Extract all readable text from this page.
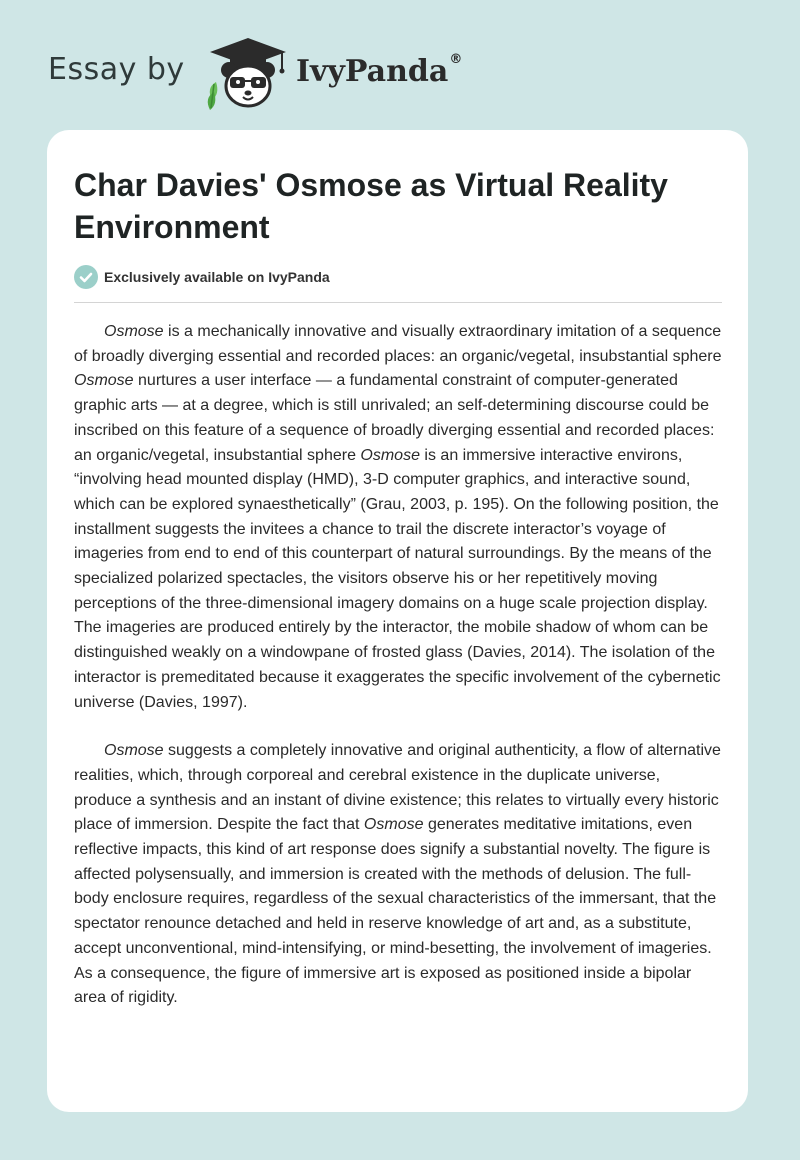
Essay by	IvyPanda®
Char Davies' Osmose as Virtual Reality Environment
Exclusively available on IvyPanda

Osmose is a mechanically innovative and visually extraordinary imitation of a sequence of broadly diverging essential and recorded places: an organic/vegetal, insubstantial sphere Osmose nurtures a user interface — a fundamental constraint of computer-generated graphic arts — at a degree, which is still unrivaled; an self-determining discourse could be inscribed on this feature of a sequence of broadly diverging essential and recorded places: an organic/vegetal, insubstantial sphere Osmose is an immersive interactive environs, “involving head mounted display (HMD), 3-D computer graphics, and interactive sound, which can be explored synaesthetically” (Grau, 2003, p. 195). On the following position, the installment suggests the invitees a chance to trail the discrete interactor’s voyage of imageries from end to end of this counterpart of natural surroundings. By the means of the specialized polarized spectacles, the visitors observe his or her repetitively moving perceptions of the three-dimensional imagery domains on a huge scale projection display. The imageries are produced entirely by the interactor, the mobile shadow of whom can be distinguished weakly on a windowpane of frosted glass (Davies, 2014). The isolation of the interactor is premeditated because it exaggerates the specific involvement of the cybernetic universe (Davies, 1997).

Osmose suggests a completely innovative and original authenticity, a flow of alternative realities, which, through corporeal and cerebral existence in the duplicate universe, produce a synthesis and an instant of divine existence; this relates to virtually every historic place of immersion. Despite the fact that Osmose generates meditative imitations, even reflective impacts, this kind of art response does signify a substantial novelty. The figure is affected polysensually, and immersion is created with the methods of delusion. The full-body enclosure requires, regardless of the sexual characteristics of the immersant, that the spectator renounce detached and held in reserve knowledge of art and, as a substitute, accept unconventional, mind-intensifying, or mind-besetting, the involvement of imageries. As a consequence, the figure of immersive art is exposed as positioned inside a bipolar area of rigidity.
